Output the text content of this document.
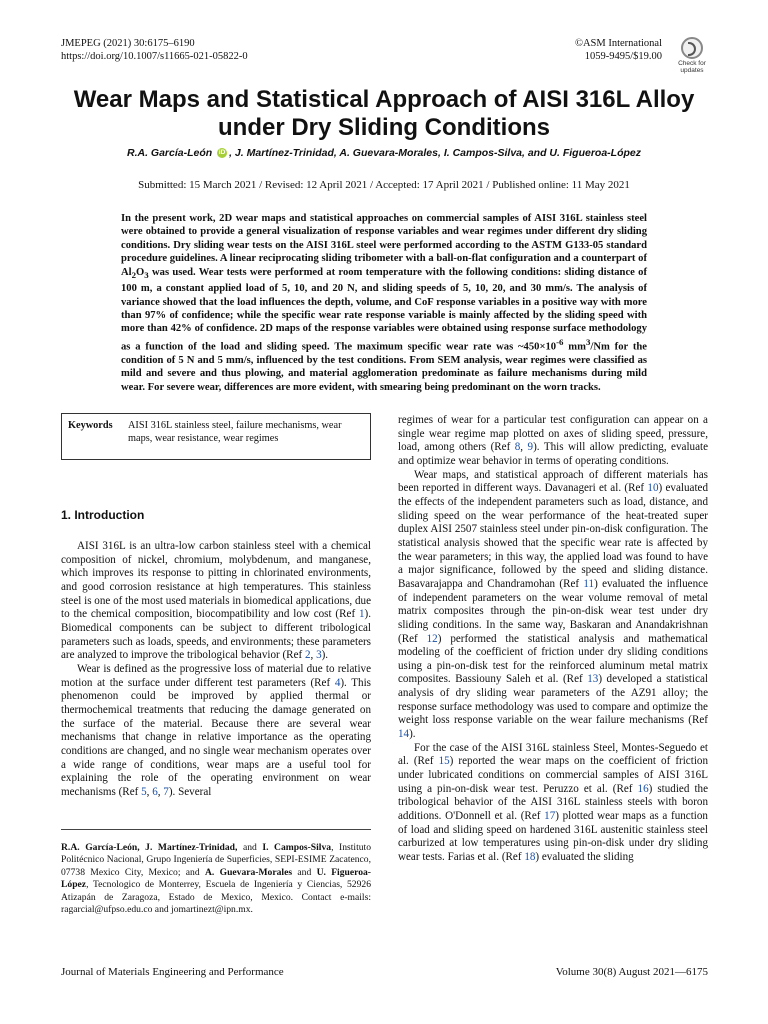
JMEPEG (2021) 30:6175–6190
https://doi.org/10.1007/s11665-021-05822-0
©ASM International
1059-9495/$19.00
Check for
updates
Wear Maps and Statistical Approach of AISI 316L Alloy under Dry Sliding Conditions
R.A. García-León iD , J. Martínez-Trinidad, A. Guevara-Morales, I. Campos-Silva, and U. Figueroa-López
Submitted: 15 March 2021 / Revised: 12 April 2021 / Accepted: 17 April 2021 / Published online: 11 May 2021
In the present work, 2D wear maps and statistical approaches on commercial samples of AISI 316L stainless steel were obtained to provide a general visualization of response variables and wear regimes under different dry sliding conditions. Dry sliding wear tests on the AISI 316L steel were performed according to the ASTM G133-05 standard procedure guidelines. A linear reciprocating sliding tribometer with a ball-on-flat configuration and a counterpart of $Al_2O_3$ was used. Wear tests were performed at room temperature with the following conditions: sliding distance of 100 m, a constant applied load of 5, 10, and 20 N, and sliding speeds of 5, 10, 20, and 30 mm/s. The analysis of variance showed that the load influences the depth, volume, and CoF response variables in a positive way with more than 97% of confidence; while the specific wear rate response variable is mainly affected by the sliding speed with more than 42% of confidence. 2D maps of the response variables were obtained using response surface methodology as a function of the load and sliding speed. The maximum specific wear rate was $\sim 450\times 10^{-6}$ $mm^3/Nm$ for the condition of 5 N and 5 mm/s, influenced by the test conditions. From SEM analysis, wear regimes were classified as mild and severe and thus plowing, and material agglomeration predominate as failure mechanisms during mild wear. For severe wear, differences are more evident, with smearing being predominant on the worn tracks.
Keywords	AISI 316L stainless steel, failure mechanisms, wear maps, wear resistance, wear regimes
1. Introduction

AISI 316L is an ultra-low carbon stainless steel with a chemical composition of nickel, chromium, molybdenum, and manganese, which improves its response to pitting in chlorinated environments, and good corrosion resistance at high temperatures. This stainless steel is one of the most used materials in biomedical applications, due to the chemical composition, biocompatibility and low cost (Ref 1). Biomedical components can be subject to different tribological parameters such as loads, speeds, and environments; these parameters are analyzed to improve the tribological behavior (Ref 2, 3).

Wear is defined as the progressive loss of material due to relative motion at the surface under different test parameters (Ref 4). This phenomenon could be improved by applied thermal or thermochemical treatments that reducing the damage generated on the surface of the material. Because there are several wear mechanisms that change in relative importance as the operating conditions are changed, and no single wear mechanism operates over a wide range of conditions, wear maps are a useful tool for explaining the role of the operating environment on wear mechanisms (Ref 5, 6, 7). Several

R.A. García-León, J. Martínez-Trinidad, and I. Campos-Silva, Instituto Politécnico Nacional, Grupo Ingeniería de Superficies, SEPI-ESIME Zacatenco, 07738 Mexico City, Mexico; and A. Guevara-Morales and U. Figueroa-López, Tecnologico de Monterrey, Escuela de Ingeniería y Ciencias, 52926 Atizapán de Zaragoza, Estado de Mexico, Mexico. Contact e-mails: ragarcial@ufpso.edu.co and jomartinezt@ipn.mx.

regimes of wear for a particular test configuration can appear on a single wear regime map plotted on axes of sliding speed, pressure, load, among others (Ref 8, 9). This will allow predicting, evaluate and optimize wear behavior in terms of operating conditions.

Wear maps, and statistical approach of different materials has been reported in different ways. Davanageri et al. (Ref 10) evaluated the effects of the independent parameters such as load, distance, and sliding speed on the wear performance of the heat-treated super duplex AISI 2507 stainless steel under pin-on-disk configuration. The statistical analysis showed that the specific wear rate is affected by the wear parameters; in this way, the applied load was found to have a major significance, followed by the speed and sliding distance. Basavarajappa and Chandramohan (Ref 11) evaluated the influence of independent parameters on the wear volume removal of metal matrix composites through the pin-on-disk wear test under dry sliding conditions. In the same way, Baskaran and Anandakrishnan (Ref 12) performed the statistical analysis and mathematical modeling of the coefficient of friction under dry sliding conditions using a pin-on-disk test for the reinforced aluminum metal matrix composites. Bassiouny Saleh et al. (Ref 13) developed a statistical analysis of dry sliding wear parameters of the AZ91 alloy; the response surface methodology was used to compare and optimize the weight loss response variable on the wear failure mechanisms (Ref 14).

For the case of the AISI 316L stainless Steel, Montes-Seguedo et al. (Ref 15) reported the wear maps on the coefficient of friction under lubricated conditions on commercial samples of AISI 316L using a pin-on-disk wear test. Peruzzo et al. (Ref 16) studied the tribological behavior of the AISI 316L stainless steels with boron additions. O'Donnell et al. (Ref 17) plotted wear maps as a function of load and sliding speed on hardened 316L austenitic stainless steel carburized at low temperatures using pin-on-disk under dry sliding wear tests. Farias et al. (Ref 18) evaluated the sliding

Journal of Materials Engineering and Performance	Volume 30(8) August 2021—6175
